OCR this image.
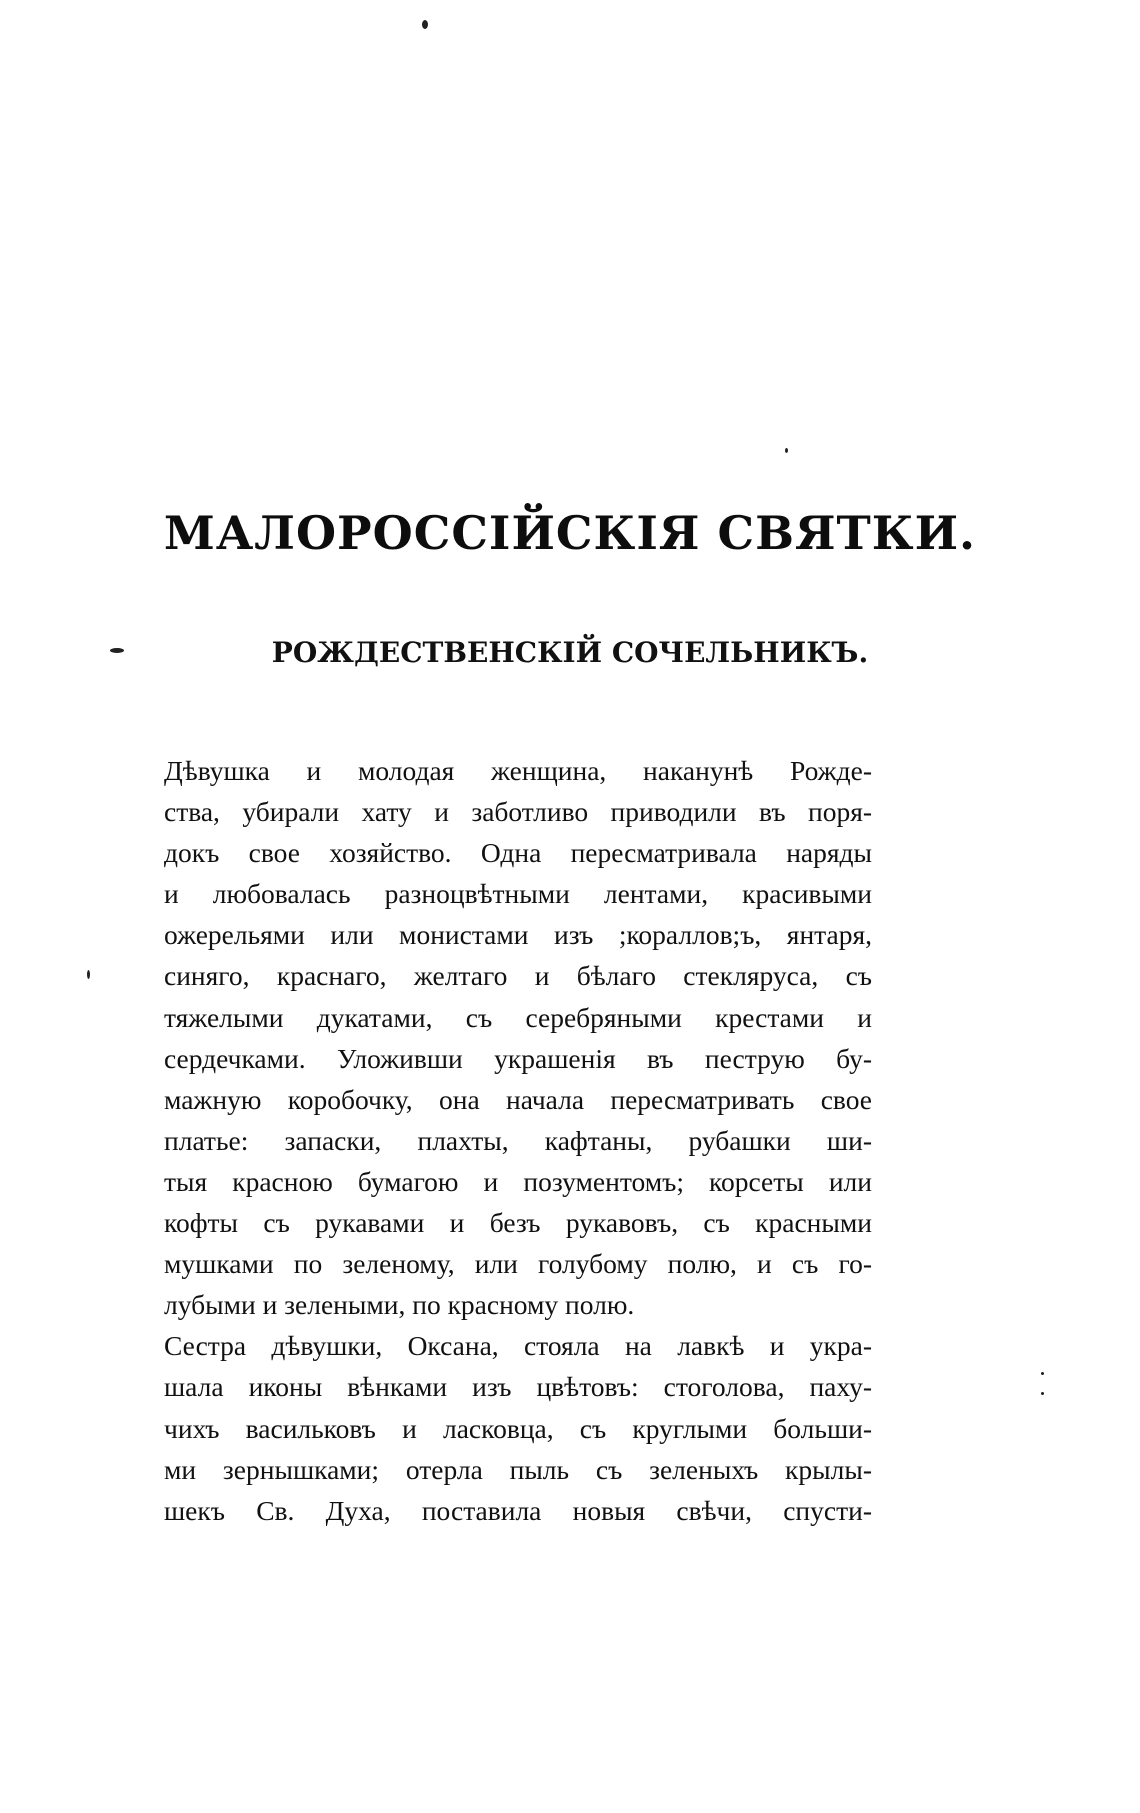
МАЛОРОССІЙСКІЯ СВЯТКИ.
РОЖДЕСТВЕНСКІЙ СОЧЕЛЬНИКЪ.
Дѣвушка и молодая женщина, наканунѣ Рожде-
ства, убирали хату и заботливо приводили въ поря-
докъ свое хозяйство. Одна пересматривала наряды
и любовалась разноцвѣтными лентами, красивыми
ожерельями или монистами изъ ;кораллов;ъ, янтаря,
синяго, краснаго, желтаго и бѣлаго стекляруса, съ
тяжелыми дукатами, съ серебряными крестами и
сердечками. Уложивши украшенія въ пеструю бу-
мажную коробочку, она начала пересматривать свое
платье: запаски, плахты, кафтаны, рубашки ши-
тыя красною бумагою и позументомъ; корсеты или
кофты съ рукавами и безъ рукавовъ, съ красными
мушками по зеленому, или голубому полю, и съ го-
лубыми и зелеными, по красному полю.
Сестра дѣвушки, Оксана, стояла на лавкѣ и укра-
шала иконы вѣнками изъ цвѣтовъ: стоголова, паху-
чихъ васильковъ и ласковца, съ круглыми больши-
ми зернышками; отерла пыль съ зеленыхъ крылы-
шекъ Св. Духа, поставила новыя свѣчи, спусти-
